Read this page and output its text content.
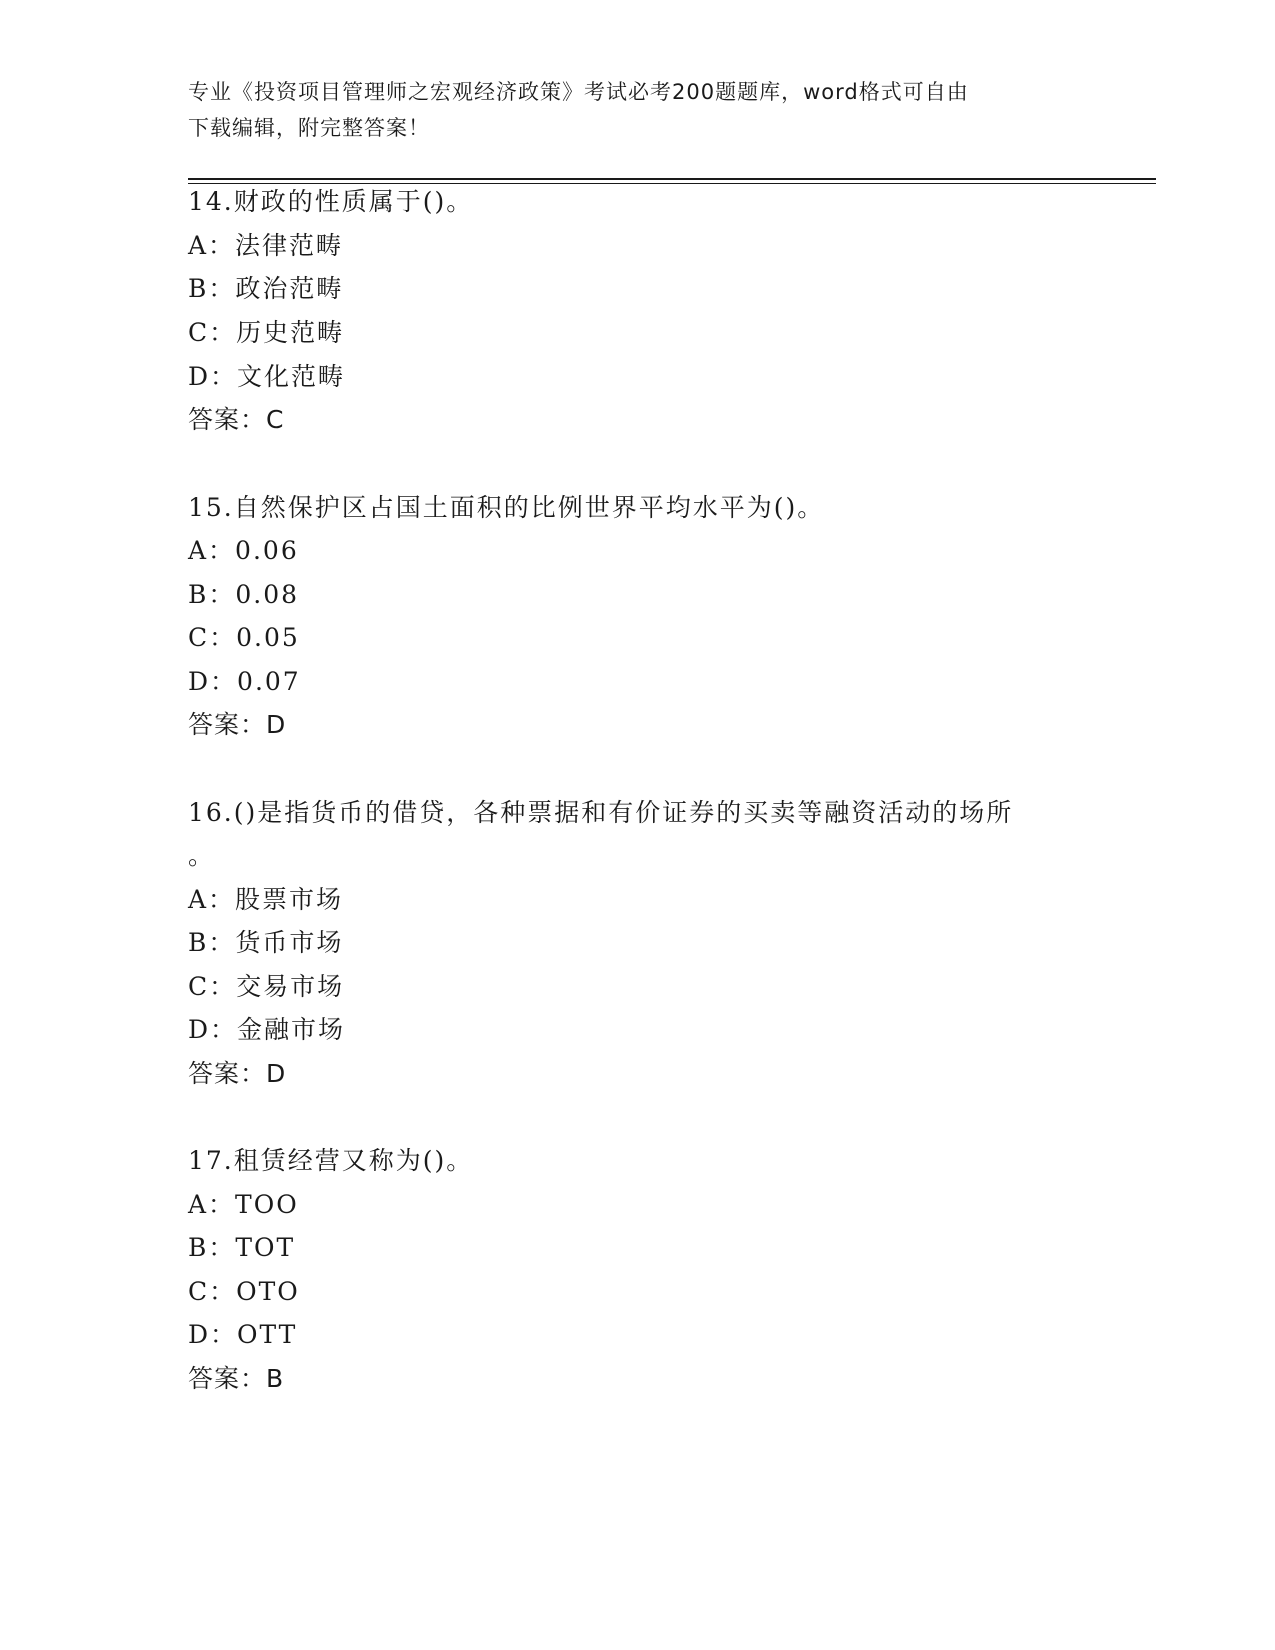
专业《投资项目管理师之宏观经济政策》考试必考200题题库，word格式可自由
下载编辑，附完整答案！
14.财政的性质属于()。
A：法律范畴
B：政治范畴
C：历史范畴
D：文化范畴
答案：C
15.自然保护区占国土面积的比例世界平均水平为()。
A：0.06
B：0.08
C：0.05
D：0.07
答案：D
16.()是指货币的借贷，各种票据和有价证券的买卖等融资活动的场所
。
A：股票市场
B：货币市场
C：交易市场
D：金融市场
答案：D
17.租赁经营又称为()。
A：TOO
B：TOT
C：OTO
D：OTT
答案：B
